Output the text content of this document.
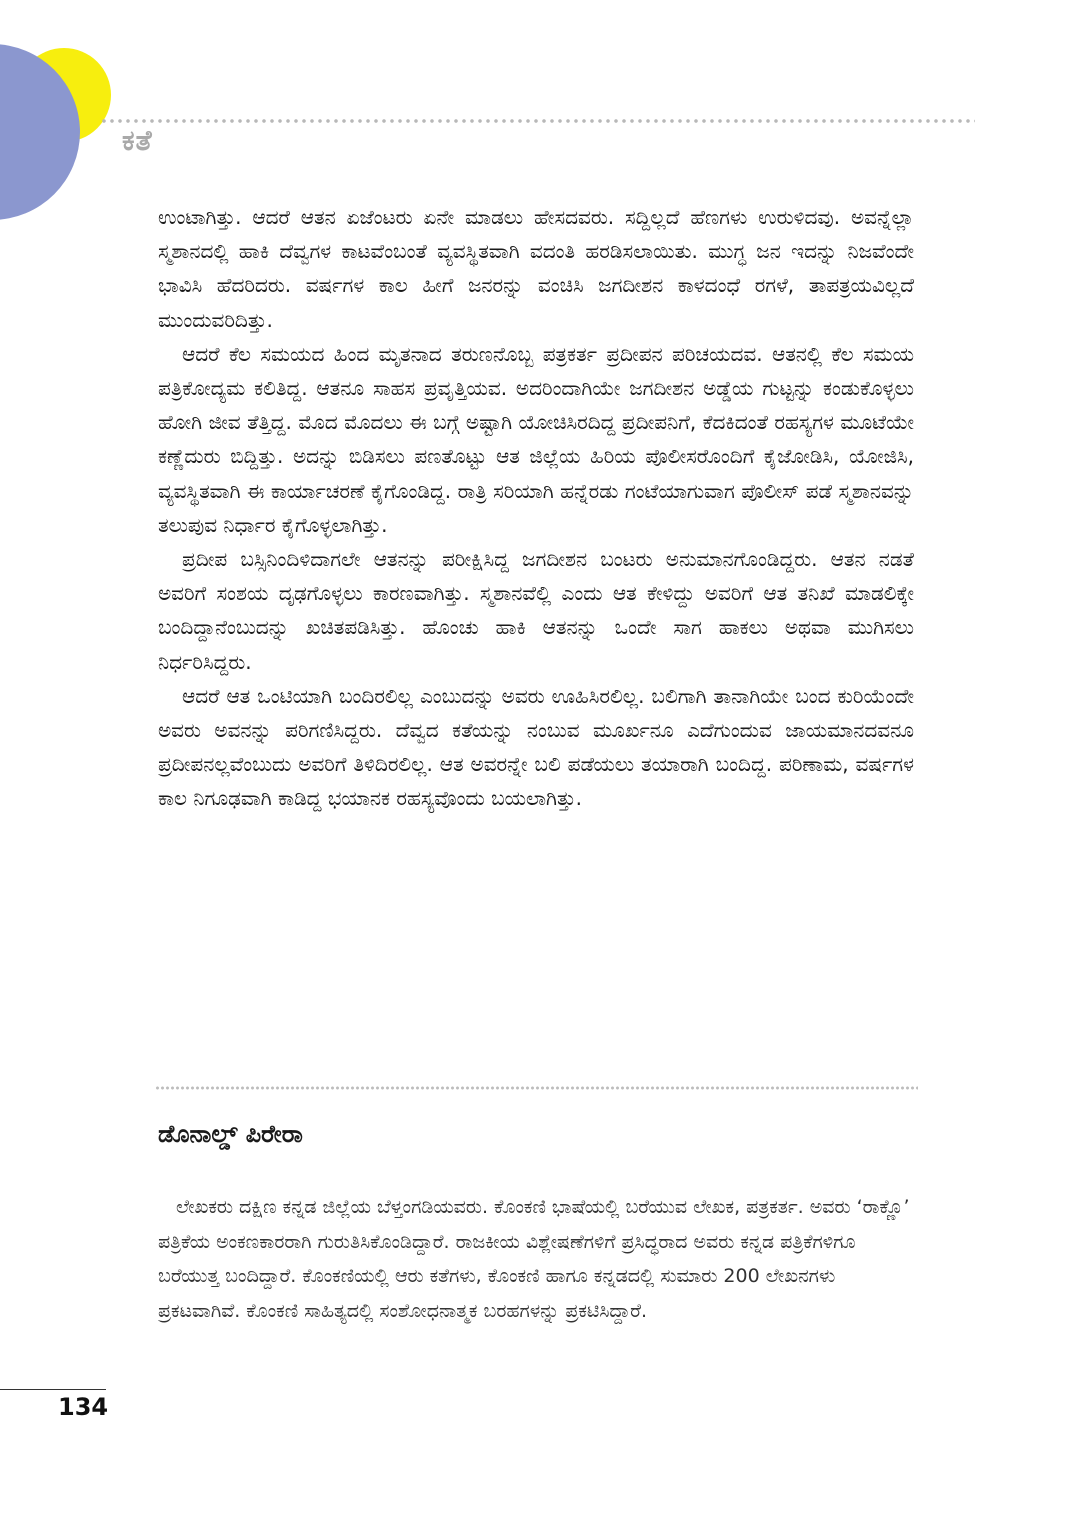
ಕತೆ

ಉಂಟಾಗಿತ್ತು. ಆದರೆ ಆತನ ಏಜೆಂಟರು ಏನೇ ಮಾಡಲು ಹೇಸದವರು. ಸದ್ದಿಲ್ಲದೆ ಹೆಣಗಳು ಉರುಳಿದವು. ಅವನ್ನೆಲ್ಲಾ ಸ್ಮಶಾನದಲ್ಲಿ ಹಾಕಿ ದೆವ್ವಗಳ ಕಾಟವೆಂಬಂತೆ ವ್ಯವಸ್ಥಿತವಾಗಿ ವದಂತಿ ಹರಡಿಸಲಾಯಿತು. ಮುಗ್ಧ ಜನ ಇದನ್ನು ನಿಜವೆಂದೇ ಭಾವಿಸಿ ಹೆದರಿದರು. ವರ್ಷಗಳ ಕಾಲ ಹೀಗೆ ಜನರನ್ನು ವಂಚಿಸಿ ಜಗದೀಶನ ಕಾಳದಂಧೆ ರಗಳೆ, ತಾಪತ್ರಯವಿಲ್ಲದೆ ಮುಂದುವರಿದಿತ್ತು.

ಆದರೆ ಕೆಲ ಸಮಯದ ಹಿಂದ ಮೃತನಾದ ತರುಣನೊಬ್ಬ ಪತ್ರಕರ್ತ ಪ್ರದೀಪನ ಪರಿಚಯದವ. ಆತನಲ್ಲಿ ಕೆಲ ಸಮಯ ಪತ್ರಿಕೋದ್ಯಮ ಕಲಿತಿದ್ದ. ಆತನೂ ಸಾಹಸ ಪ್ರವೃತ್ತಿಯವ. ಅದರಿಂದಾಗಿಯೇ ಜಗದೀಶನ ಅಡ್ಡೆಯ ಗುಟ್ಟನ್ನು ಕಂಡುಕೊಳ್ಳಲು ಹೋಗಿ ಜೀವ ತೆತ್ತಿದ್ದ. ಮೊದ ಮೊದಲು ಈ ಬಗ್ಗೆ ಅಷ್ಟಾಗಿ ಯೋಚಿಸಿರದಿದ್ದ ಪ್ರದೀಪನಿಗೆ, ಕೆದಕಿದಂತೆ ರಹಸ್ಯಗಳ ಮೂಟೆಯೇ ಕಣ್ಣೆದುರು ಬಿದ್ದಿತ್ತು. ಅದನ್ನು ಬಿಡಿಸಲು ಪಣತೊಟ್ಟು ಆತ ಜಿಲ್ಲೆಯ ಹಿರಿಯ ಪೊಲೀಸರೊಂದಿಗೆ ಕೈಜೋಡಿಸಿ, ಯೋಜಿಸಿ, ವ್ಯವಸ್ಥಿತವಾಗಿ ಈ ಕಾರ್ಯಾಚರಣೆ ಕೈಗೊಂಡಿದ್ದ. ರಾತ್ರಿ ಸರಿಯಾಗಿ ಹನ್ನೆರಡು ಗಂಟೆಯಾಗುವಾಗ ಪೊಲೀಸ್ ಪಡೆ ಸ್ಮಶಾನವನ್ನು ತಲುಪುವ ನಿರ್ಧಾರ ಕೈಗೊಳ್ಳಲಾಗಿತ್ತು.

ಪ್ರದೀಪ ಬಸ್ಸಿನಿಂದಿಳಿದಾಗಲೇ ಆತನನ್ನು ಪರೀಕ್ಷಿಸಿದ್ದ ಜಗದೀಶನ ಬಂಟರು ಅನುಮಾನಗೊಂಡಿದ್ದರು. ಆತನ ನಡತೆ ಅವರಿಗೆ ಸಂಶಯ ದೃಢಗೊಳ್ಳಲು ಕಾರಣವಾಗಿತ್ತು. ಸ್ಮಶಾನವೆಲ್ಲಿ ಎಂದು ಆತ ಕೇಳಿದ್ದು ಅವರಿಗೆ ಆತ ತನಿಖೆ ಮಾಡಲಿಕ್ಕೇ ಬಂದಿದ್ದಾನೆಂಬುದನ್ನು ಖಚಿತಪಡಿಸಿತ್ತು. ಹೊಂಚು ಹಾಕಿ ಆತನನ್ನು ಒಂದೇ ಸಾಗ ಹಾಕಲು ಅಥವಾ ಮುಗಿಸಲು ನಿರ್ಧರಿಸಿದ್ದರು.

ಆದರೆ ಆತ ಒಂಟಿಯಾಗಿ ಬಂದಿರಲಿಲ್ಲ ಎಂಬುದನ್ನು ಅವರು ಊಹಿಸಿರಲಿಲ್ಲ. ಬಲಿಗಾಗಿ ತಾನಾಗಿಯೇ ಬಂದ ಕುರಿಯೆಂದೇ ಅವರು ಅವನನ್ನು ಪರಿಗಣಿಸಿದ್ದರು. ದೆವ್ವದ ಕತೆಯನ್ನು ನಂಬುವ ಮೂರ್ಖನೂ ಎದೆಗುಂದುವ ಜಾಯಮಾನದವನೂ ಪ್ರದೀಪನಲ್ಲವೆಂಬುದು ಅವರಿಗೆ ತಿಳಿದಿರಲಿಲ್ಲ. ಆತ ಅವರನ್ನೇ ಬಲಿ ಪಡೆಯಲು ತಯಾರಾಗಿ ಬಂದಿದ್ದ. ಪರಿಣಾಮ, ವರ್ಷಗಳ ಕಾಲ ನಿಗೂಢವಾಗಿ ಕಾಡಿದ್ದ ಭಯಾನಕ ರಹಸ್ಯವೊಂದು ಬಯಲಾಗಿತ್ತು.

ಡೊನಾಲ್ಡ್ ಪಿರೇರಾ

ಲೇಖಕರು ದಕ್ಷಿಣ ಕನ್ನಡ ಜಿಲ್ಲೆಯ ಬೆಳ್ತಂಗಡಿಯವರು. ಕೊಂಕಣಿ ಭಾಷೆಯಲ್ಲಿ ಬರೆಯುವ ಲೇಖಕ, ಪತ್ರಕರ್ತ. ಅವರು ‘ರಾಕ್ಣೊ’ ಪತ್ರಿಕೆಯ ಅಂಕಣಕಾರರಾಗಿ ಗುರುತಿಸಿಕೊಂಡಿದ್ದಾರೆ. ರಾಜಕೀಯ ವಿಶ್ಲೇಷಣೆಗಳಿಗೆ ಪ್ರಸಿದ್ಧರಾದ ಅವರು ಕನ್ನಡ ಪತ್ರಿಕೆಗಳಿಗೂ ಬರೆಯುತ್ತ ಬಂದಿದ್ದಾರೆ. ಕೊಂಕಣಿಯಲ್ಲಿ ಆರು ಕತೆಗಳು, ಕೊಂಕಣಿ ಹಾಗೂ ಕನ್ನಡದಲ್ಲಿ ಸುಮಾರು 200 ಲೇಖನಗಳು ಪ್ರಕಟವಾಗಿವೆ. ಕೊಂಕಣಿ ಸಾಹಿತ್ಯದಲ್ಲಿ ಸಂಶೋಧನಾತ್ಮಕ ಬರಹಗಳನ್ನು ಪ್ರಕಟಿಸಿದ್ದಾರೆ.

134
